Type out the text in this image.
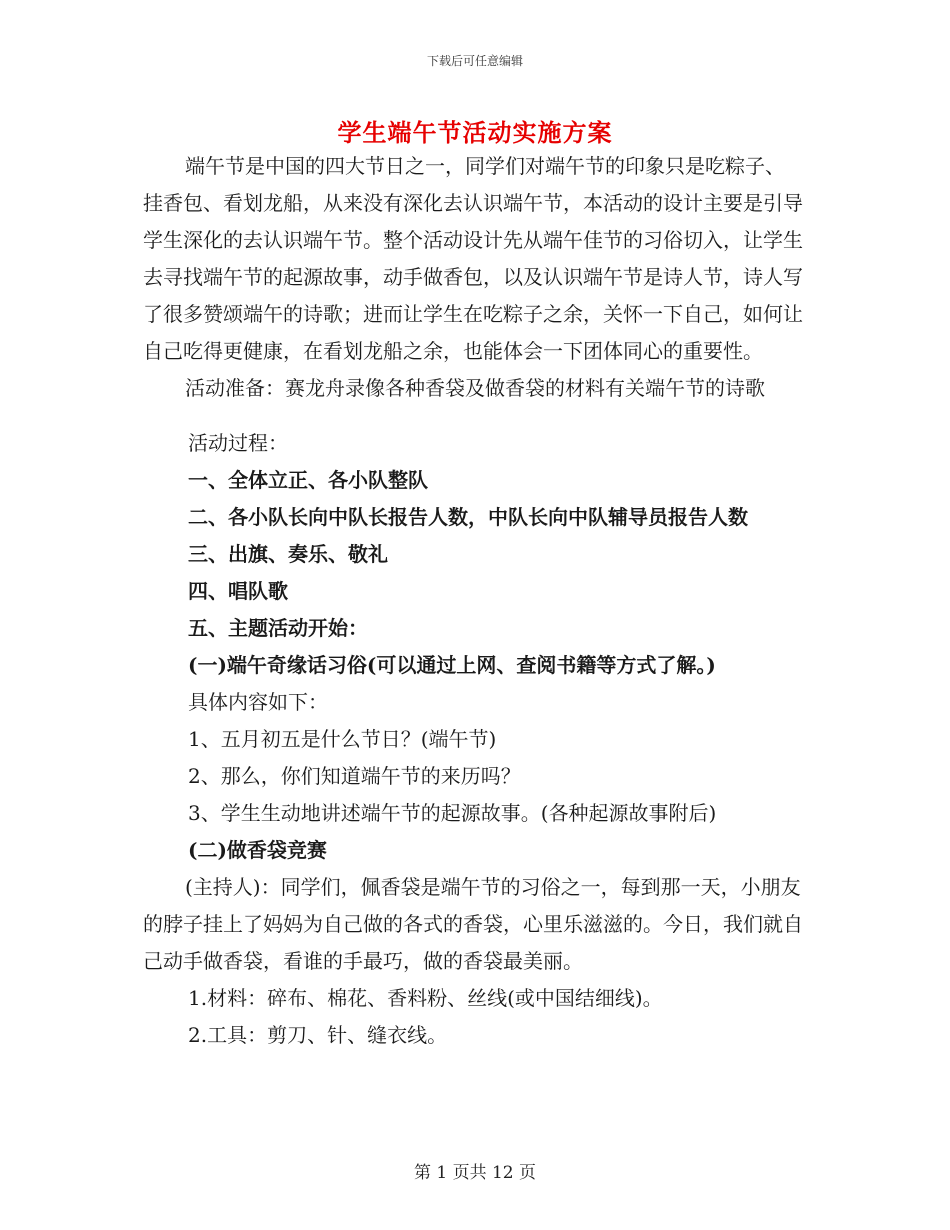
下载后可任意编辑
学生端午节活动实施方案

端午节是中国的四大节日之一，同学们对端午节的印象只是吃粽子、挂香包、看划龙船，从来没有深化去认识端午节，本活动的设计主要是引导学生深化的去认识端午节。整个活动设计先从端午佳节的习俗切入，让学生去寻找端午节的起源故事，动手做香包，以及认识端午节是诗人节，诗人写了很多赞颂端午的诗歌；进而让学生在吃粽子之余，关怀一下自己，如何让自己吃得更健康，在看划龙船之余，也能体会一下团体同心的重要性。

活动准备：赛龙舟录像各种香袋及做香袋的材料有关端午节的诗歌

活动过程：
一、全体立正、各小队整队
二、各小队长向中队长报告人数，中队长向中队辅导员报告人数
三、出旗、奏乐、敬礼
四、唱队歌
五、主题活动开始：
(一)端午奇缘话习俗(可以通过上网、查阅书籍等方式了解。)
具体内容如下：
1、五月初五是什么节日？(端午节)
2、那么，你们知道端午节的来历吗？
3、学生生动地讲述端午节的起源故事。(各种起源故事附后)
(二)做香袋竞赛

(主持人)：同学们，佩香袋是端午节的习俗之一，每到那一天，小朋友的脖子挂上了妈妈为自己做的各式的香袋，心里乐滋滋的。今日，我们就自己动手做香袋，看谁的手最巧，做的香袋最美丽。

1.材料：碎布、棉花、香料粉、丝线(或中国结细线)。
2.工具：剪刀、针、缝衣线。
第 1 页共 12 页
